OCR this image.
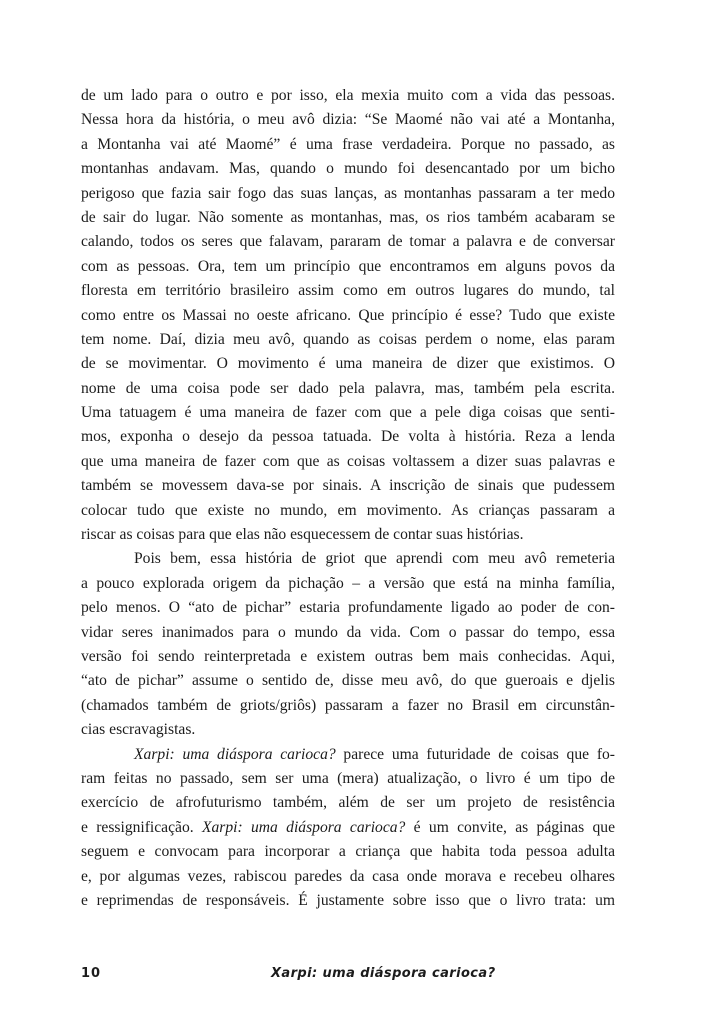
de um lado para o outro e por isso, ela mexia muito com a vida das pessoas.
Nessa hora da história, o meu avô dizia: “Se Maomé não vai até a Montanha,
a Montanha vai até Maomé” é uma frase verdadeira. Porque no passado, as
montanhas andavam. Mas, quando o mundo foi desencantado por um bicho
perigoso que fazia sair fogo das suas lanças, as montanhas passaram a ter medo
de sair do lugar. Não somente as montanhas, mas, os rios também acabaram se
calando, todos os seres que falavam, pararam de tomar a palavra e de conversar
com as pessoas. Ora, tem um princípio que encontramos em alguns povos da
floresta em território brasileiro assim como em outros lugares do mundo, tal
como entre os Massai no oeste africano. Que princípio é esse? Tudo que existe
tem nome. Daí, dizia meu avô, quando as coisas perdem o nome, elas param
de se movimentar. O movimento é uma maneira de dizer que existimos. O
nome de uma coisa pode ser dado pela palavra, mas, também pela escrita.
Uma tatuagem é uma maneira de fazer com que a pele diga coisas que senti-
mos, exponha o desejo da pessoa tatuada. De volta à história. Reza a lenda
que uma maneira de fazer com que as coisas voltassem a dizer suas palavras e
também se movessem dava-se por sinais. A inscrição de sinais que pudessem
colocar tudo que existe no mundo, em movimento. As crianças passaram a
riscar as coisas para que elas não esquecessem de contar suas histórias.
Pois bem, essa história de griot que aprendi com meu avô remeteria
a pouco explorada origem da pichação – a versão que está na minha família,
pelo menos. O “ato de pichar” estaria profundamente ligado ao poder de con-
vidar seres inanimados para o mundo da vida. Com o passar do tempo, essa
versão foi sendo reinterpretada e existem outras bem mais conhecidas. Aqui,
“ato de pichar” assume o sentido de, disse meu avô, do que gueroais e djelis
(chamados também de griots/griôs) passaram a fazer no Brasil em circunstân-
cias escravagistas.
Xarpi: uma diáspora carioca? parece uma futuridade de coisas que fo-
ram feitas no passado, sem ser uma (mera) atualização, o livro é um tipo de
exercício de afrofuturismo também, além de ser um projeto de resistência
e ressignificação. Xarpi: uma diáspora carioca? é um convite, as páginas que
seguem e convocam para incorporar a criança que habita toda pessoa adulta
e, por algumas vezes, rabiscou paredes da casa onde morava e recebeu olhares
e reprimendas de responsáveis. É justamente sobre isso que o livro trata: um
10	Xarpi: uma diáspora carioca?
